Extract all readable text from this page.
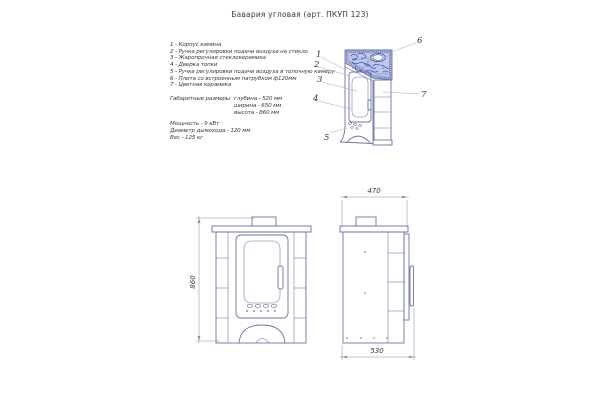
Бавария угловая (арт. ПКУП 123)
1 - Корпус камина
2 - Ручка регулировки подачи воздуха на стекло
3 - Жаропрочная стеклокерамика
4 - Дверка топки
5 - Ручка регулировки подачи воздуха в топочную камеру
6 - Плита со встроенным патрубком ф120мм
7 - Цветная керамика
Габаритные размеры глубина - 520 мм
ширина - 650 мм
высота - 860 мм
Мощность - 9 кВт
Диаметр дымохода - 120 мм
Вес - 125 кг
1
2
3
4
5
6
7
860
470
530
